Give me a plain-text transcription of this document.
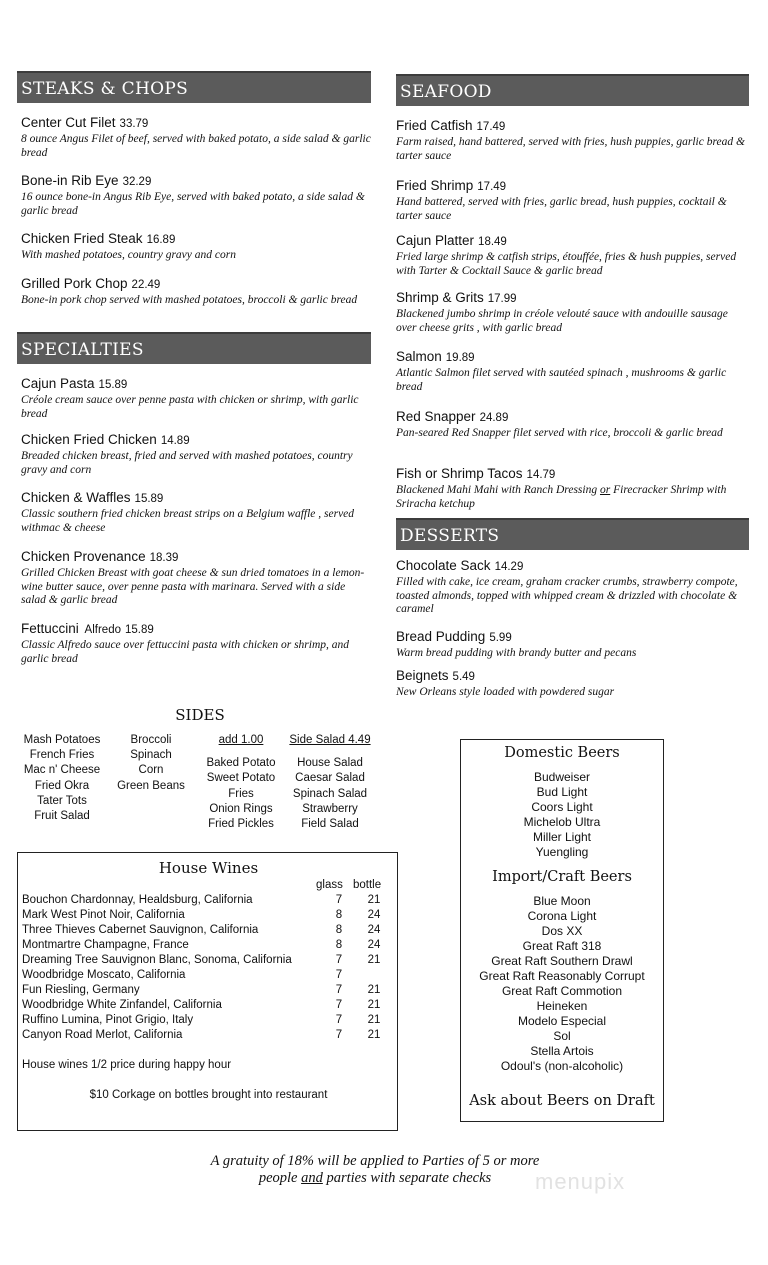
STEAKS & CHOPS
Center Cut Filet 33.79
8 ounce Angus Filet of beef, served with baked potato, a side salad & garlic bread
Bone-in Rib Eye 32.29
16 ounce bone-in Angus Rib Eye, served with baked potato, a side salad & garlic bread
Chicken Fried Steak 16.89
With mashed potatoes, country gravy and corn
Grilled Pork Chop 22.49
Bone-in pork chop served with mashed potatoes, broccoli & garlic bread
SPECIALTIES
Cajun Pasta 15.89
Créole cream sauce over penne pasta with chicken or shrimp, with garlic bread
Chicken Fried Chicken 14.89
Breaded chicken breast, fried and served with mashed potatoes, country gravy and corn
Chicken & Waffles 15.89
Classic southern fried chicken breast strips on a Belgium waffle , served withmac & cheese
Chicken Provenance 18.39
Grilled Chicken Breast with goat cheese & sun dried tomatoes in a lemon-wine butter sauce, over penne pasta with marinara. Served with a side salad & garlic bread
Fettuccini Alfredo 15.89
Classic Alfredo sauce over fettuccini pasta with chicken or shrimp, and garlic bread
SEAFOOD
Fried Catfish 17.49
Farm raised, hand battered, served with fries, hush puppies, garlic bread & tarter sauce
Fried Shrimp 17.49
Hand battered, served with fries, garlic bread, hush puppies, cocktail & tarter sauce
Cajun Platter 18.49
Fried large shrimp & catfish strips, étouffée, fries & hush puppies, served with Tarter & Cocktail Sauce & garlic bread
Shrimp & Grits 17.99
Blackened jumbo shrimp in créole velouté sauce with andouille sausage over cheese grits , with garlic bread
Salmon 19.89
Atlantic Salmon filet served with sautéed spinach , mushrooms & garlic bread
Red Snapper 24.89
Pan-seared Red Snapper filet served with rice, broccoli & garlic bread
Fish or Shrimp Tacos 14.79
Blackened Mahi Mahi with Ranch Dressing or Firecracker Shrimp with Sriracha ketchup
DESSERTS
Chocolate Sack 14.29
Filled with cake, ice cream, graham cracker crumbs, strawberry compote, toasted almonds, topped with whipped cream & drizzled with chocolate & caramel
Bread Pudding 5.99
Warm bread pudding with brandy butter and pecans
Beignets 5.49
New Orleans style loaded with powdered sugar
SIDES
Mash Potatoes
French Fries
Mac n' Cheese
Fried Okra
Tater Tots
Fruit Salad
Broccoli
Spinach
Corn
Green Beans
add 1.00
Baked Potato
Sweet Potato
Fries
Onion Rings
Fried Pickles
Side Salad 4.49
House Salad
Caesar Salad
Spinach Salad
Strawberry
Field Salad
House Wines
glass bottle
Bouchon Chardonnay, Healdsburg, California	7	21
Mark West Pinot Noir, California	8	24
Three Thieves Cabernet Sauvignon, California	8	24
Montmartre Champagne, France	8	24
Dreaming Tree Sauvignon Blanc, Sonoma, California	7	21
Woodbridge Moscato, California	7
Fun Riesling, Germany	7	21
Woodbridge White Zinfandel, California	7	21
Ruffino Lumina, Pinot Grigio, Italy	7	21
Canyon Road Merlot, California	7	21
House wines 1/2 price during happy hour
$10 Corkage on bottles brought into restaurant
Domestic Beers
Budweiser
Bud Light
Coors Light
Michelob Ultra
Miller Light
Yuengling
Import/Craft Beers
Blue Moon
Corona Light
Dos XX
Great Raft 318
Great Raft Southern Drawl
Great Raft Reasonably Corrupt
Great Raft Commotion
Heineken
Modelo Especial
Sol
Stella Artois
Odoul's (non-alcoholic)
Ask about Beers on Draft
A gratuity of 18% will be applied to Parties of 5 or more
people and parties with separate checks	menupix
